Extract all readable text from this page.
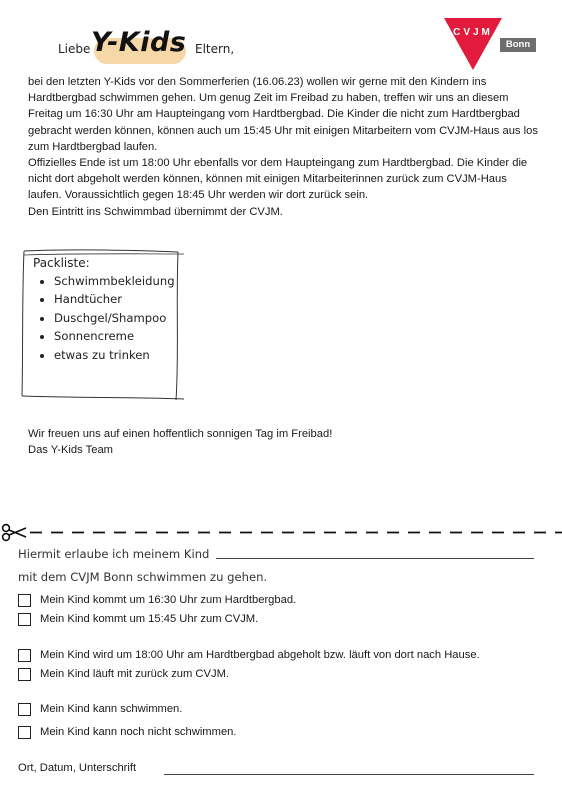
Liebe Y-Kids Eltern,
CVJM
Bonn

bei den letzten Y-Kids vor den Sommerferien (16.06.23) wollen wir gerne mit den Kindern ins Hardtbergbad schwimmen gehen. Um genug Zeit im Freibad zu haben, treffen wir uns an diesem Freitag um 16:30 Uhr am Haupteingang vom Hardtbergbad. Die Kinder die nicht zum Hardtbergbad gebracht werden können, können auch um 15:45 Uhr mit einigen Mitarbeitern vom CVJM-Haus aus los zum Hardtbergbad laufen.

Offizielles Ende ist um 18:00 Uhr ebenfalls vor dem Haupteingang zum Hardtbergbad. Die Kinder die nicht dort abgeholt werden können, können mit einigen Mitarbeiterinnen zurück zum CVJM-Haus laufen. Voraussichtlich gegen 18:45 Uhr werden wir dort zurück sein.

Den Eintritt ins Schwimmbad übernimmt der CVJM.

Packliste:
• Schwimmbekleidung
• Handtücher
• Duschgel/Shampoo
• Sonnencreme
• etwas zu trinken

Wir freuen uns auf einen hoffentlich sonnigen Tag im Freibad!

Das Y-Kids Team

Hiermit erlaube ich meinem Kind
mit dem CVJM Bonn schwimmen zu gehen.
Mein Kind kommt um 16:30 Uhr zum Hardtbergbad.
Mein Kind kommt um 15:45 Uhr zum CVJM.
Mein Kind wird um 18:00 Uhr am Hardtbergbad abgeholt bzw. läuft von dort nach Hause.
Mein Kind läuft mit zurück zum CVJM.
Mein Kind kann schwimmen.
Mein Kind kann noch nicht schwimmen.
Ort, Datum, Unterschrift
